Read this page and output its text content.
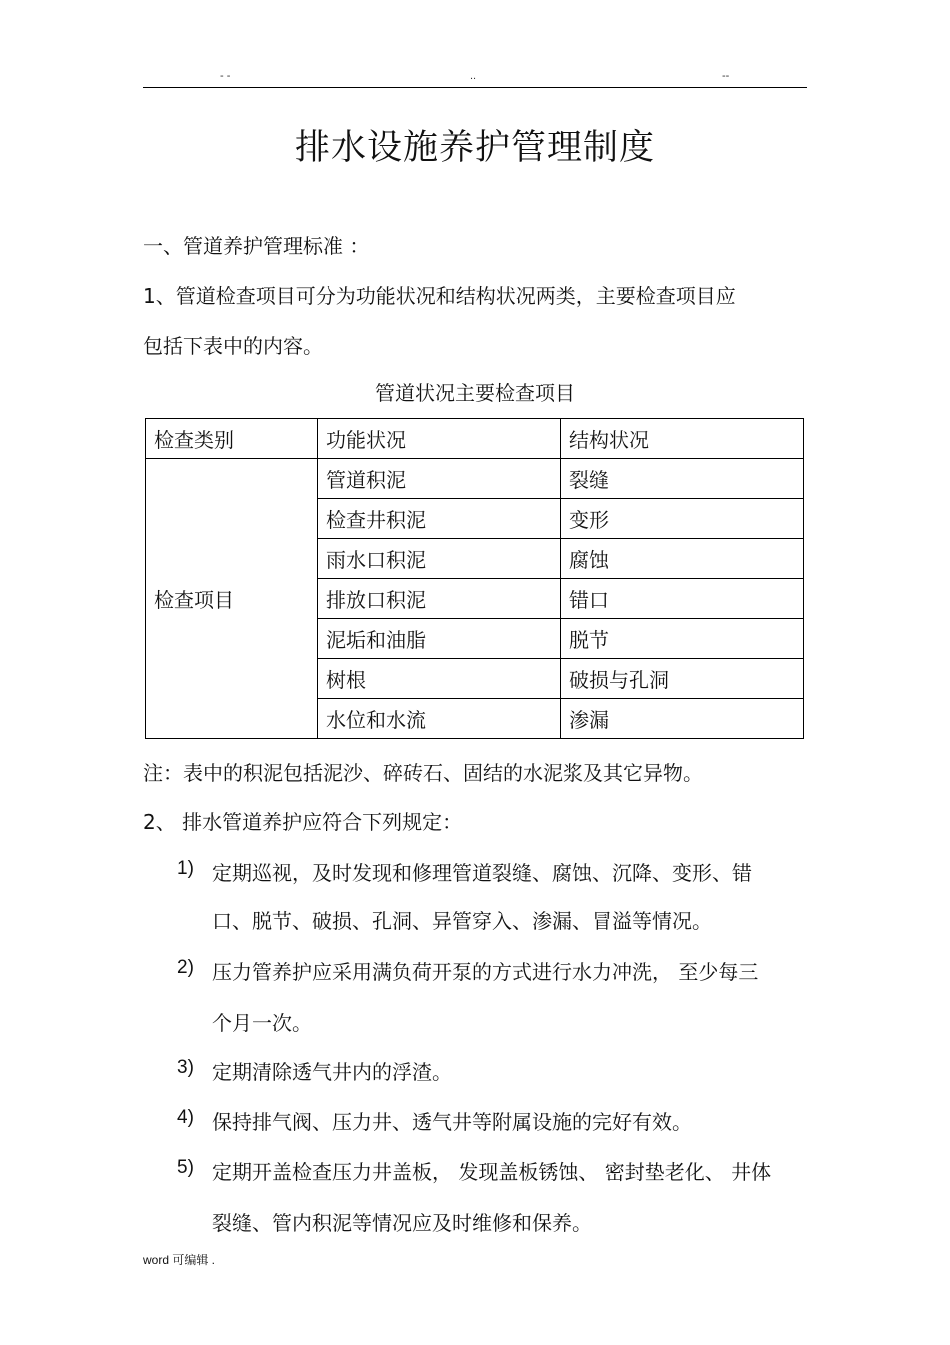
- -	..	--
排水设施养护管理制度
一、管道养护管理标准 ：
1、管道检查项目可分为功能状况和结构状况两类，主要检查项目应
包括下表中的内容。
管道状况主要检查项目
检查类别	功能状况	结构状况
检查项目	管道积泥	裂缝
	检查井积泥	变形
	雨水口积泥	腐蚀
	排放口积泥	错口
	泥垢和油脂	脱节
	树根	破损与孔洞
	水位和水流	渗漏
注：表中的积泥包括泥沙、碎砖石、固结的水泥浆及其它异物。
2、 排水管道养护应符合下列规定：
1) 定期巡视，及时发现和修理管道裂缝、腐蚀、沉降、变形、错
口、脱节、破损、孔洞、异管穿入、渗漏、冒溢等情况。
2) 压力管养护应采用满负荷开泵的方式进行水力冲洗， 至少每三
个月一次。
3) 定期清除透气井内的浮渣。
4) 保持排气阀、压力井、透气井等附属设施的完好有效。
5) 定期开盖检查压力井盖板， 发现盖板锈蚀、 密封垫老化、 井体
裂缝、管内积泥等情况应及时维修和保养。
word 可编辑 .
